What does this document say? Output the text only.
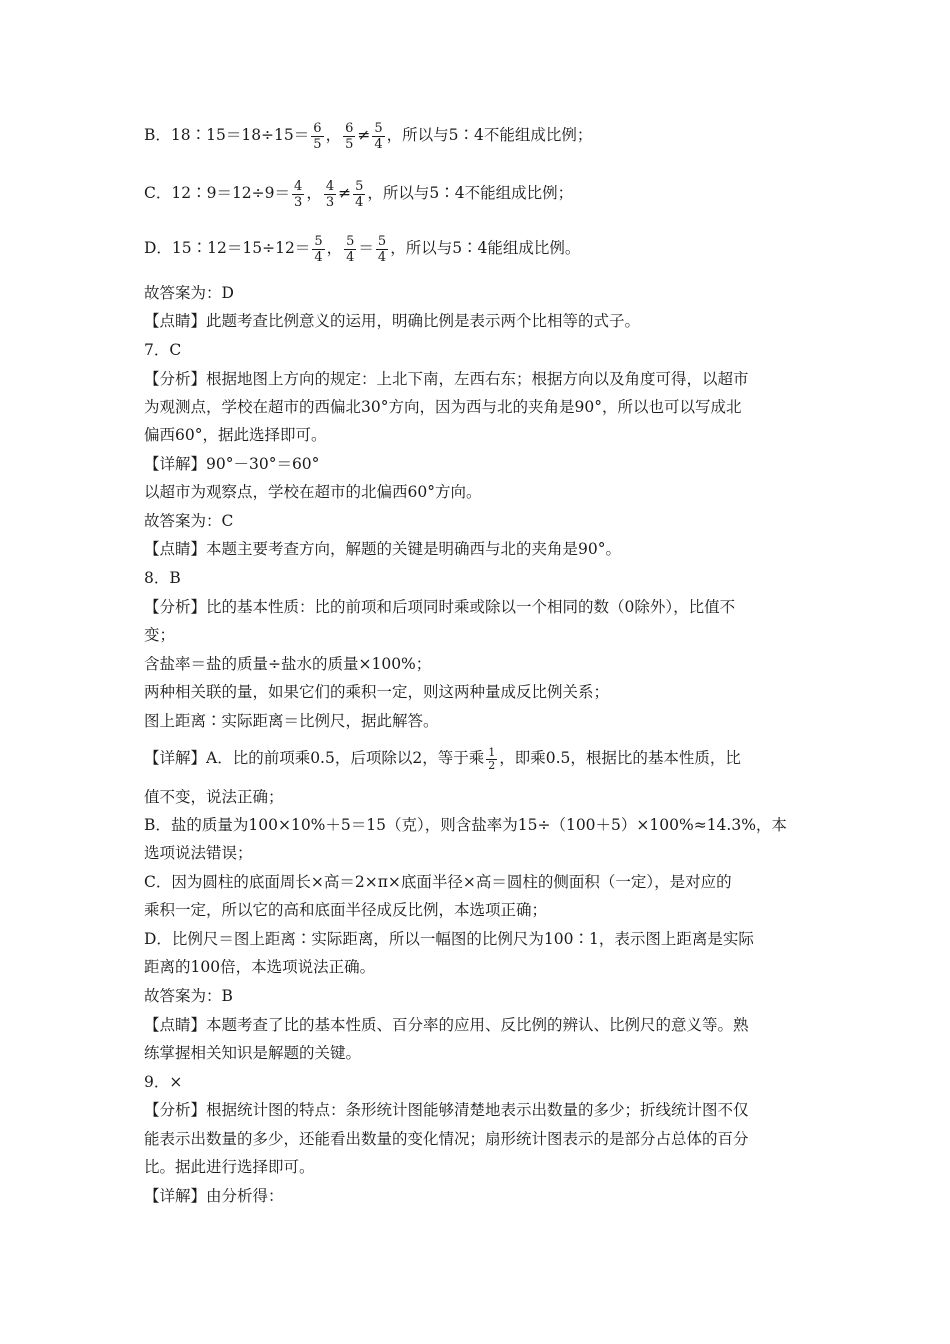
B．18∶15＝18÷15＝ $\frac{6}{5}$ ， $\frac{6}{5} \ne \frac{5}{4}$ ，所以与5∶4不能组成比例；
C．12∶9＝12÷9＝ $\frac{4}{3}$ ， $\frac{4}{3} \ne \frac{5}{4}$ ，所以与5∶4不能组成比例；
D．15∶12＝15÷12＝ $\frac{5}{4}$ ， $\frac{5}{4} = \frac{5}{4}$ ，所以与5∶4能组成比例。
故答案为：D
【点睛】此题考查比例意义的运用，明确比例是表示两个比相等的式子。
7．C
【分析】根据地图上方向的规定：上北下南，左西右东；根据方向以及角度可得，以超市
为观测点，学校在超市的西偏北30°方向，因为西与北的夹角是90°，所以也可以写成北
偏西60°，据此选择即可。
【详解】90°－30°＝60°
以超市为观察点，学校在超市的北偏西60°方向。
故答案为：C
【点睛】本题主要考查方向，解题的关键是明确西与北的夹角是90°。
8．B
【分析】比的基本性质：比的前项和后项同时乘或除以一个相同的数（0除外），比值不
变；
含盐率＝盐的质量÷盐水的质量×100%；
两种相关联的量，如果它们的乘积一定，则这两种量成反比例关系；
图上距离∶实际距离＝比例尺，据此解答。
【详解】A．比的前项乘0.5，后项除以2，等于乘 $\frac{1}{2}$ ，即乘0.5，根据比的基本性质，比
值不变，说法正确；
B．盐的质量为100×10%＋5＝15（克），则含盐率为15÷（100＋5）×100%≈14.3%，本
选项说法错误；
C．因为圆柱的底面周长×高＝2×π×底面半径×高＝圆柱的侧面积（一定），是对应的
乘积一定，所以它的高和底面半径成反比例，本选项正确；
D．比例尺＝图上距离∶实际距离，所以一幅图的比例尺为100∶1，表示图上距离是实际
距离的100倍，本选项说法正确。
故答案为：B
【点睛】本题考查了比的基本性质、百分率的应用、反比例的辨认、比例尺的意义等。熟
练掌握相关知识是解题的关键。
9．×
【分析】根据统计图的特点：条形统计图能够清楚地表示出数量的多少；折线统计图不仅
能表示出数量的多少，还能看出数量的变化情况；扇形统计图表示的是部分占总体的百分
比。据此进行选择即可。
【详解】由分析得：
